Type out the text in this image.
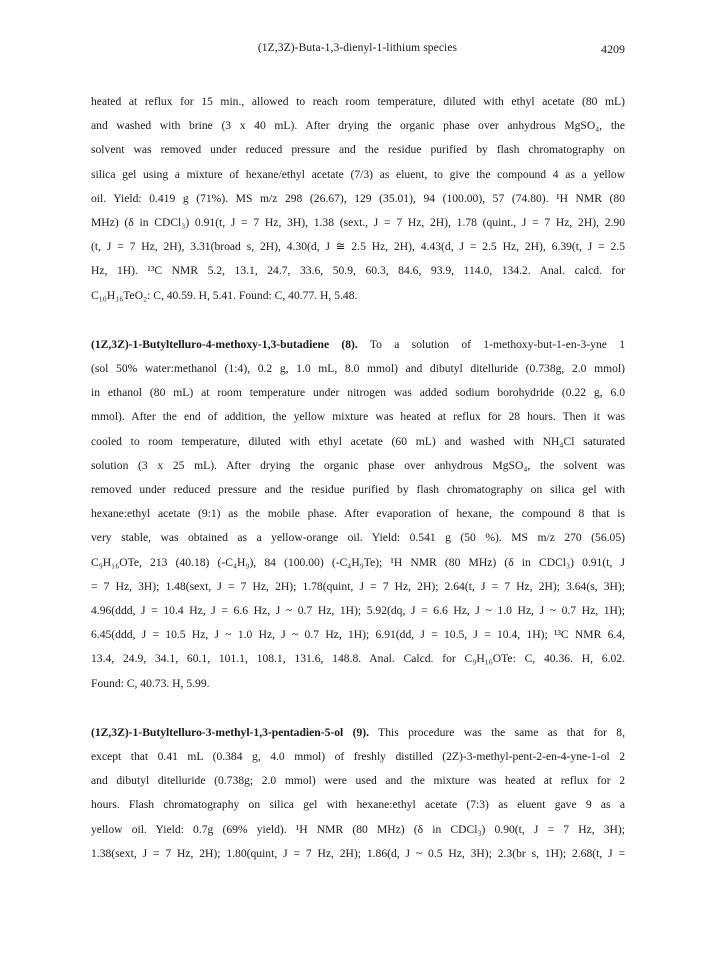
(1Z,3Z)-Buta-1,3-dienyl-1-lithium species	4209

heated at reflux for 15 min., allowed to reach room temperature, diluted with ethyl acetate (80 mL)
and washed with brine (3 x 40 mL). After drying the organic phase over anhydrous MgSO₄, the
solvent was removed under reduced pressure and the residue purified by flash chromatography on
silica gel using a mixture of hexane/ethyl acetate (7/3) as eluent, to give the compound 4 as a yellow
oil. Yield: 0.419 g (71%). MS m/z 298 (26.67), 129 (35.01), 94 (100.00), 57 (74.80). ¹H NMR (80
MHz) (δ in CDCl₃) 0.91(t, J = 7 Hz, 3H), 1.38 (sext., J = 7 Hz, 2H), 1.78 (quint., J = 7 Hz, 2H), 2.90
(t, J = 7 Hz, 2H), 3.31(broad s, 2H), 4.30(d, J ≅ 2.5 Hz, 2H), 4.43(d, J = 2.5 Hz, 2H), 6.39(t, J = 2.5
Hz, 1H). ¹³C NMR 5.2, 13.1, 24.7, 33.6, 50.9, 60.3, 84.6, 93.9, 114.0, 134.2. Anal. calcd. for
C₁₀H₁₆TeO₂: C, 40.59. H, 5.41. Found: C, 40.77. H, 5.48.

(1Z,3Z)-1-Butyltelluro-4-methoxy-1,3-butadiene (8). To a solution of 1-methoxy-but-1-en-3-yne 1
(sol 50% water:methanol (1:4), 0.2 g, 1.0 mL, 8.0 mmol) and dibutyl ditelluride (0.738g, 2.0 mmol)
in ethanol (80 mL) at room temperature under nitrogen was added sodium borohydride (0.22 g, 6.0
mmol). After the end of addition, the yellow mixture was heated at reflux for 28 hours. Then it was
cooled to room temperature, diluted with ethyl acetate (60 mL) and washed with NH₄Cl saturated
solution (3 x 25 mL). After drying the organic phase over anhydrous MgSO₄, the solvent was
removed under reduced pressure and the residue purified by flash chromatography on silica gel with
hexane:ethyl acetate (9:1) as the mobile phase. After evaporation of hexane, the compound 8 that is
very stable, was obtained as a yellow-orange oil. Yield: 0.541 g (50 %). MS m/z 270 (56.05)
C₉H₁₆OTe, 213 (40.18) (-C₄H₉), 84 (100.00) (-C₄H₉Te); ¹H NMR (80 MHz) (δ in CDCl₃) 0.91(t, J
= 7 Hz, 3H); 1.48(sext, J = 7 Hz, 2H); 1.78(quint, J = 7 Hz, 2H); 2.64(t, J = 7 Hz, 2H); 3.64(s, 3H);
4.96(ddd, J = 10.4 Hz, J = 6.6 Hz, J ~ 0.7 Hz, 1H); 5.92(dq, J = 6.6 Hz, J ~ 1.0 Hz, J ~ 0.7 Hz, 1H);
6.45(ddd, J = 10.5 Hz, J ~ 1.0 Hz, J ~ 0.7 Hz, 1H); 6.91(dd, J = 10.5, J = 10.4, 1H); ¹³C NMR 6.4,
13.4, 24.9, 34.1, 60.1, 101.1, 108.1, 131.6, 148.8. Anal. Calcd. for C₉H₁₆OTe: C, 40.36. H, 6.02.
Found: C, 40.73. H, 5.99.

(1Z,3Z)-1-Butyltelluro-3-methyl-1,3-pentadien-5-ol (9). This procedure was the same as that for 8,
except that 0.41 mL (0.384 g, 4.0 mmol) of freshly distilled (2Z)-3-methyl-pent-2-en-4-yne-1-ol 2
and dibutyl ditelluride (0.738g; 2.0 mmol) were used and the mixture was heated at reflux for 2
hours. Flash chromatography on silica gel with hexane:ethyl acetate (7:3) as eluent gave 9 as a
yellow oil. Yield: 0.7g (69% yield). ¹H NMR (80 MHz) (δ in CDCl₃) 0.90(t, J = 7 Hz, 3H);
1.38(sext, J = 7 Hz, 2H); 1.80(quint, J = 7 Hz, 2H); 1.86(d, J ~ 0.5 Hz, 3H); 2.3(br s, 1H); 2.68(t, J =
